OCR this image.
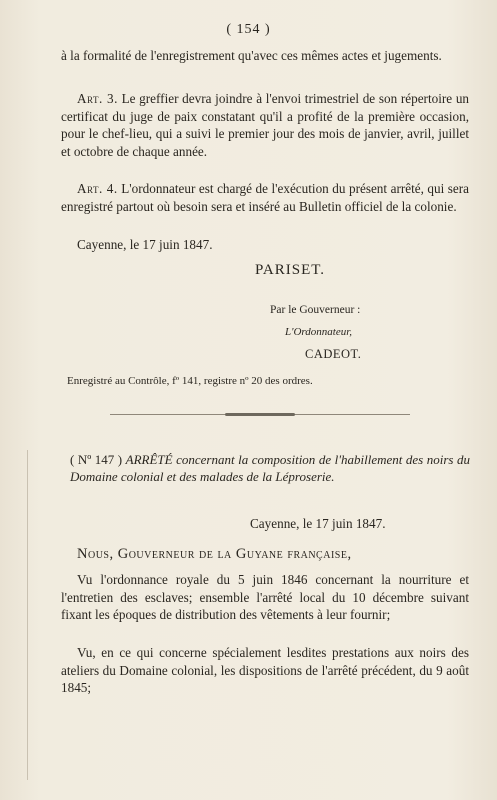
( 154 )

à la formalité de l'enregistrement qu'avec ces mêmes actes et jugements.

Art. 3. Le greffier devra joindre à l'envoi trimestriel de son répertoire un certificat du juge de paix constatant qu'il a profité de la première occasion, pour le chef-lieu, qui a suivi le premier jour des mois de janvier, avril, juillet et octobre de chaque année.

Art. 4. L'ordonnateur est chargé de l'exécution du présent arrêté, qui sera enregistré partout où besoin sera et inséré au Bulletin officiel de la colonie.

Cayenne, le 17 juin 1847.

PARISET.
Par le Gouverneur :
L'Ordonnateur,
CADEOT.
Enregistré au Contrôle, fº 141, registre nº 20 des ordres.
( Nº 147 ) ARRÊTÉ concernant la composition de l'habillement des noirs du Domaine colonial et des malades de la Léproserie.
Cayenne, le 17 juin 1847.
Nous, Gouverneur de la Guyane française,

Vu l'ordonnance royale du 5 juin 1846 concernant la nourriture et l'entretien des esclaves; ensemble l'arrêté local du 10 décembre suivant fixant les époques de distribution des vêtements à leur fournir;

Vu, en ce qui concerne spécialement lesdites prestations aux noirs des ateliers du Domaine colonial, les dispositions de l'arrêté précédent, du 9 août 1845;
